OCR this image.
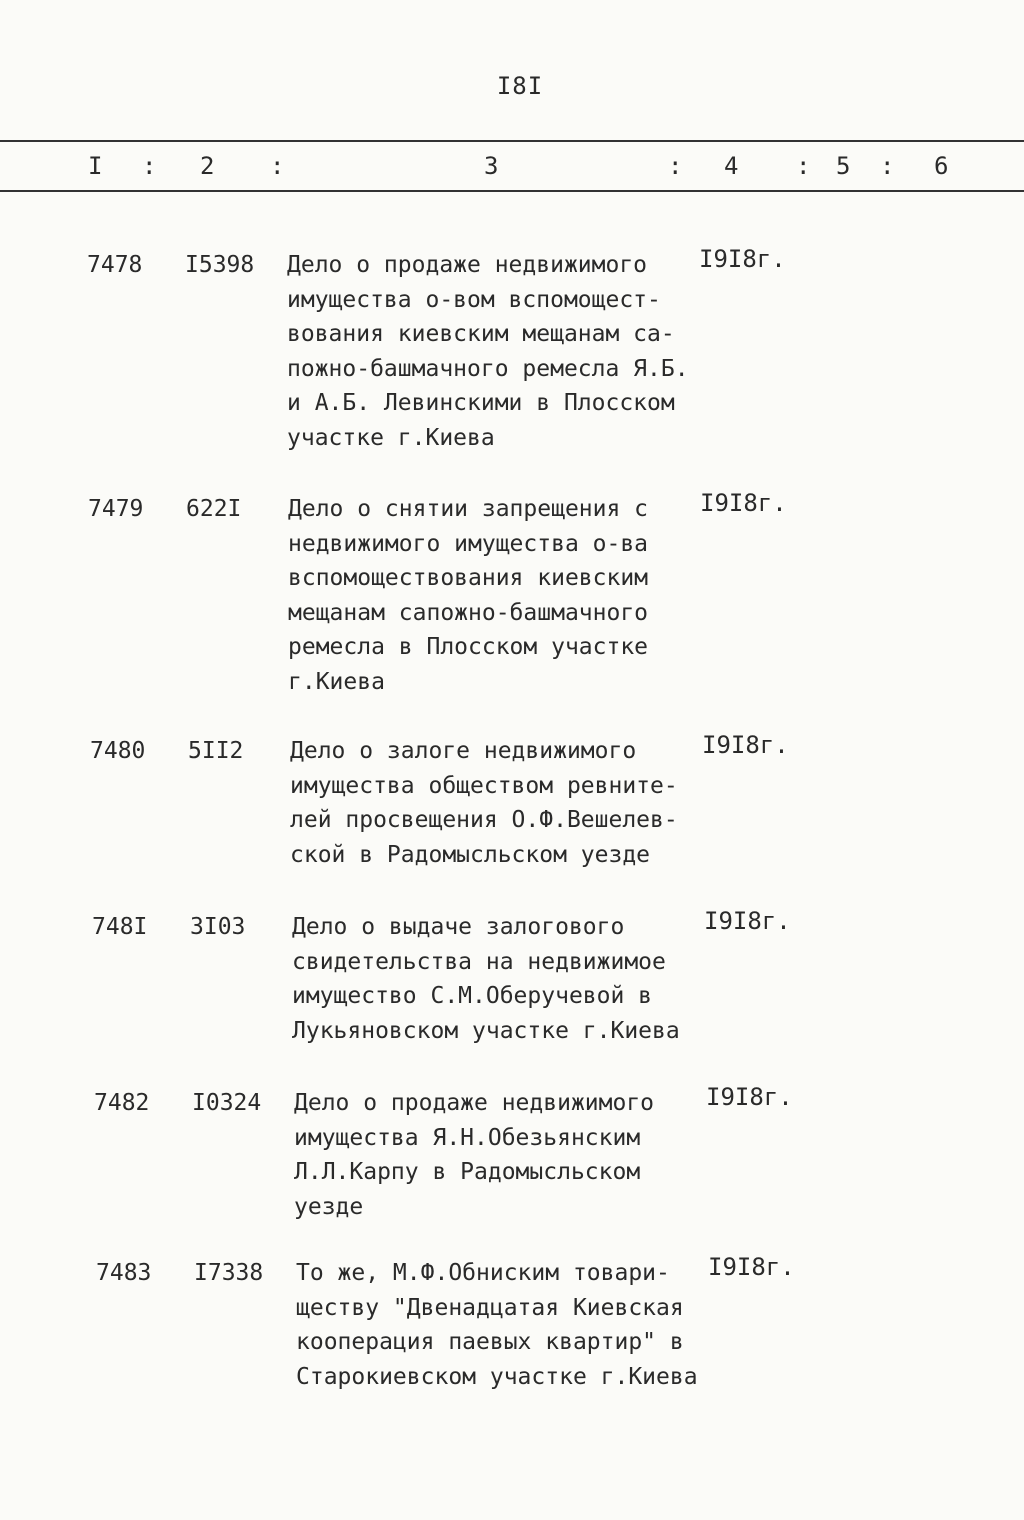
I8I
I : 2 :	3	: 4 : 5 : 6
7478 I5398 Дело о продаже недвижимого
имущества о-вом вспомощест-
вования киевским мещанам са-
пожно-башмачного ремесла Я.Б.
и А.Б. Левинскими в Плосском
участке г.Киева
I9I8г.
7479 622I Дело о снятии запрещения с
недвижимого имущества о-ва
вспомоществования киевским
мещанам сапожно-башмачного
ремесла в Плосском участке
г.Киева
I9I8г.
7480 5II2 Дело о залоге недвижимого
имущества обществом ревните-
лей просвещения О.Ф.Вешелев-
ской в Радомысльском уезде
I9I8г.
748I 3I03 Дело о выдаче залогового
свидетельства на недвижимое
имущество С.М.Оберучевой в
Лукьяновском участке г.Киева
I9I8г.
7482 I0324 Дело о продаже недвижимого
имущества Я.Н.Обезьянским
Л.Л.Карпу в Радомысльском
уезде
I9I8г.
7483 I7338 То же, М.Ф.Обниским товари-
ществу "Двенадцатая Киевская
кооперация паевых квартир" в
Старокиевском участке г.Киева
I9I8г.
